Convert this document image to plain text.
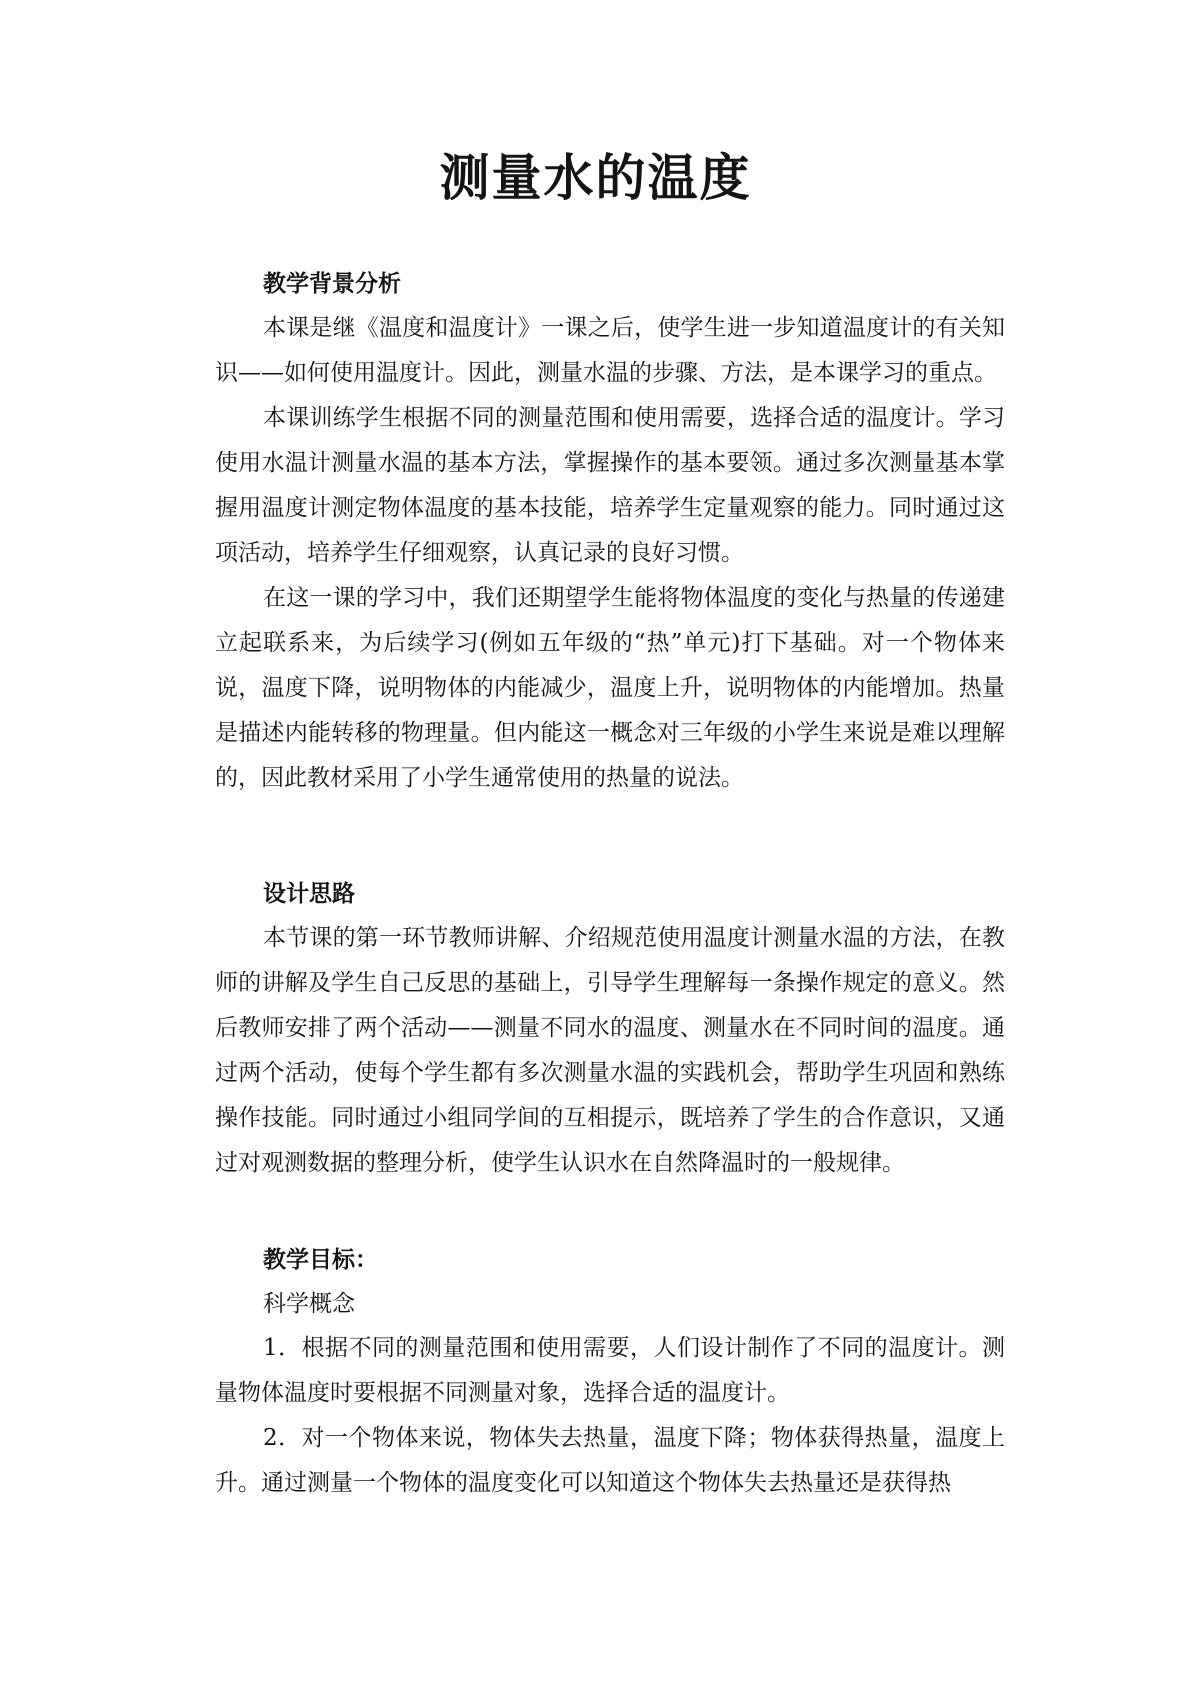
测量水的温度
教学背景分析

本课是继《温度和温度计》一课之后，使学生进一步知道温度计的有关知识——如何使用温度计。因此，测量水温的步骤、方法，是本课学习的重点。

本课训练学生根据不同的测量范围和使用需要，选择合适的温度计。学习使用水温计测量水温的基本方法，掌握操作的基本要领。通过多次测量基本掌握用温度计测定物体温度的基本技能，培养学生定量观察的能力。同时通过这项活动，培养学生仔细观察，认真记录的良好习惯。

在这一课的学习中，我们还期望学生能将物体温度的变化与热量的传递建立起联系来，为后续学习(例如五年级的“热”单元)打下基础。对一个物体来说，温度下降，说明物体的内能减少，温度上升，说明物体的内能增加。热量是描述内能转移的物理量。但内能这一概念对三年级的小学生来说是难以理解的，因此教材采用了小学生通常使用的热量的说法。

设计思路

本节课的第一环节教师讲解、介绍规范使用温度计测量水温的方法，在教师的讲解及学生自己反思的基础上，引导学生理解每一条操作规定的意义。然后教师安排了两个活动——测量不同水的温度、测量水在不同时间的温度。通过两个活动，使每个学生都有多次测量水温的实践机会，帮助学生巩固和熟练操作技能。同时通过小组同学间的互相提示，既培养了学生的合作意识，又通过对观测数据的整理分析，使学生认识水在自然降温时的一般规律。

教学目标：

科学概念

1．根据不同的测量范围和使用需要，人们设计制作了不同的温度计。测量物体温度时要根据不同测量对象，选择合适的温度计。

2．对一个物体来说，物体失去热量，温度下降；物体获得热量，温度上升。通过测量一个物体的温度变化可以知道这个物体失去热量还是获得热
